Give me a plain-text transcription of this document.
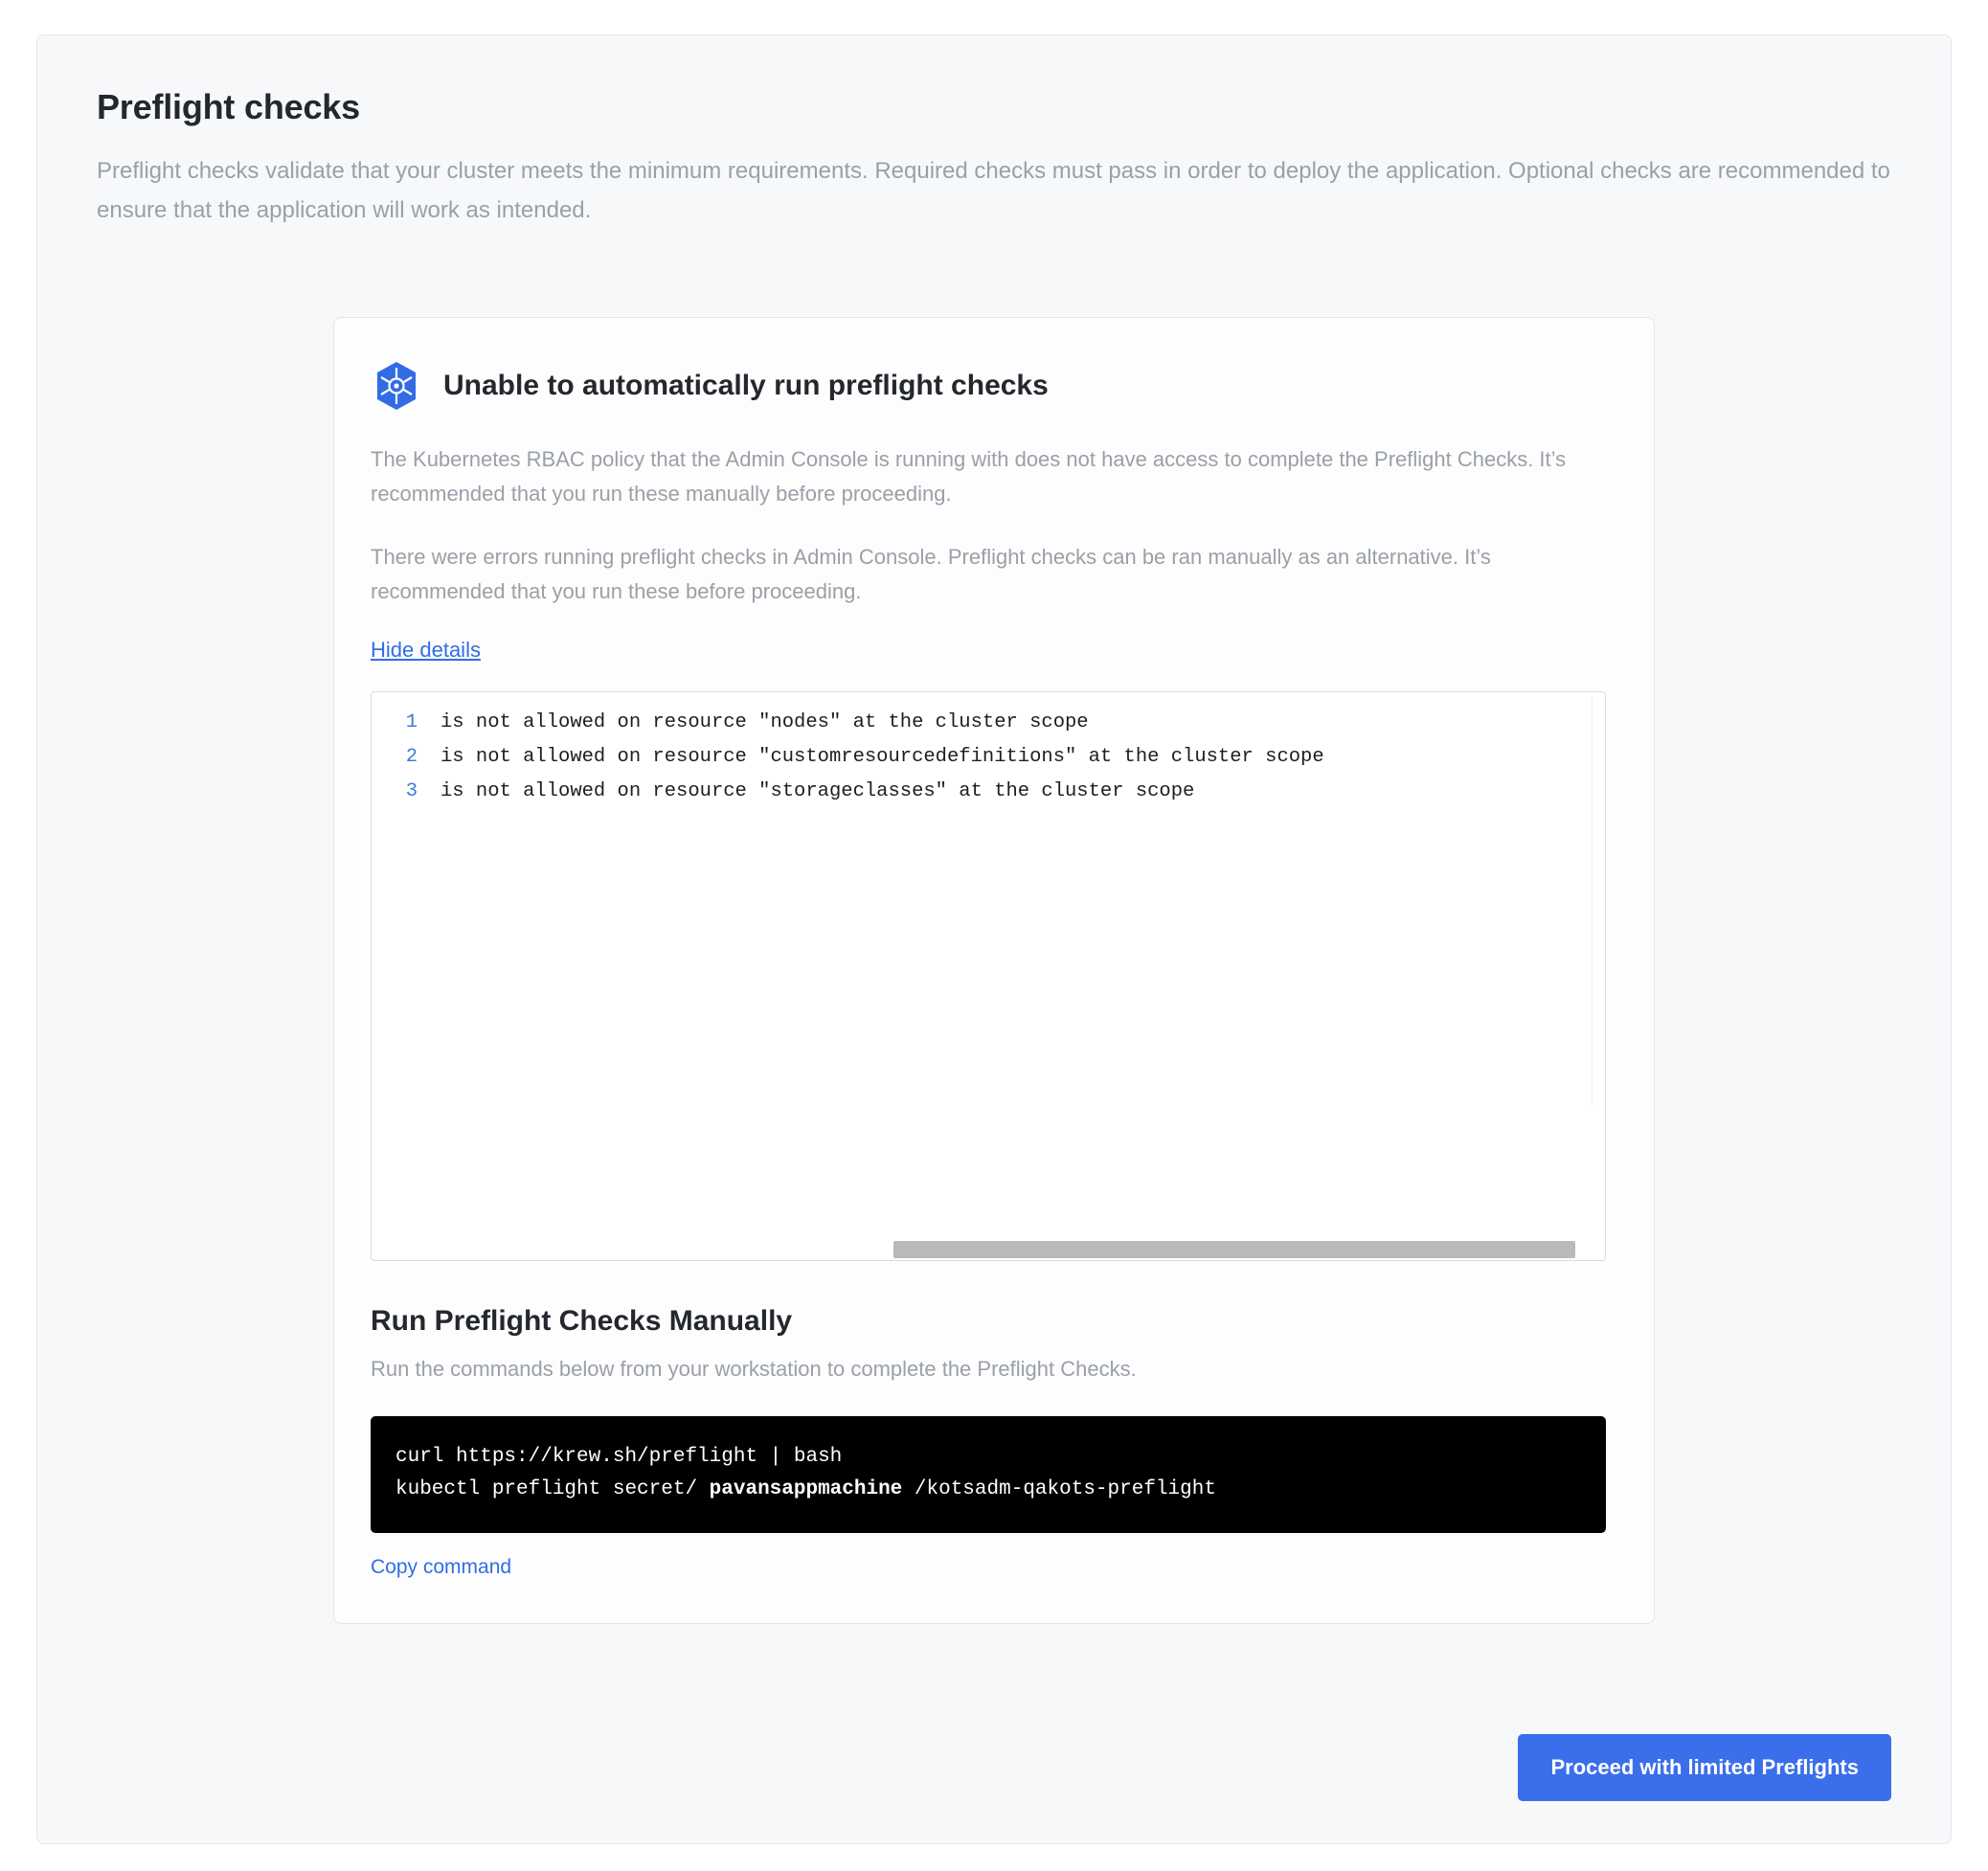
Preflight checks

Preflight checks validate that your cluster meets the minimum requirements. Required checks must pass in order to deploy the application. Optional checks are recommended to ensure that the application will work as intended.

Unable to automatically run preflight checks

The Kubernetes RBAC policy that the Admin Console is running with does not have access to complete the Preflight Checks. It’s recommended that you run these manually before proceeding.

There were errors running preflight checks in Admin Console. Preflight checks can be ran manually as an alternative. It’s recommended that you run these before proceeding.

Hide details
1	is not allowed on resource "nodes" at the cluster scope
2	is not allowed on resource "customresourcedefinitions" at the cluster scope
3	is not allowed on resource "storageclasses" at the cluster scope
Run Preflight Checks Manually

Run the commands below from your workstation to complete the Preflight Checks.

curl https://krew.sh/preflight | bash
kubectl preflight secret/ pavansappmachine /kotsadm-qakots-preflight
Copy command
Proceed with limited Preflights
